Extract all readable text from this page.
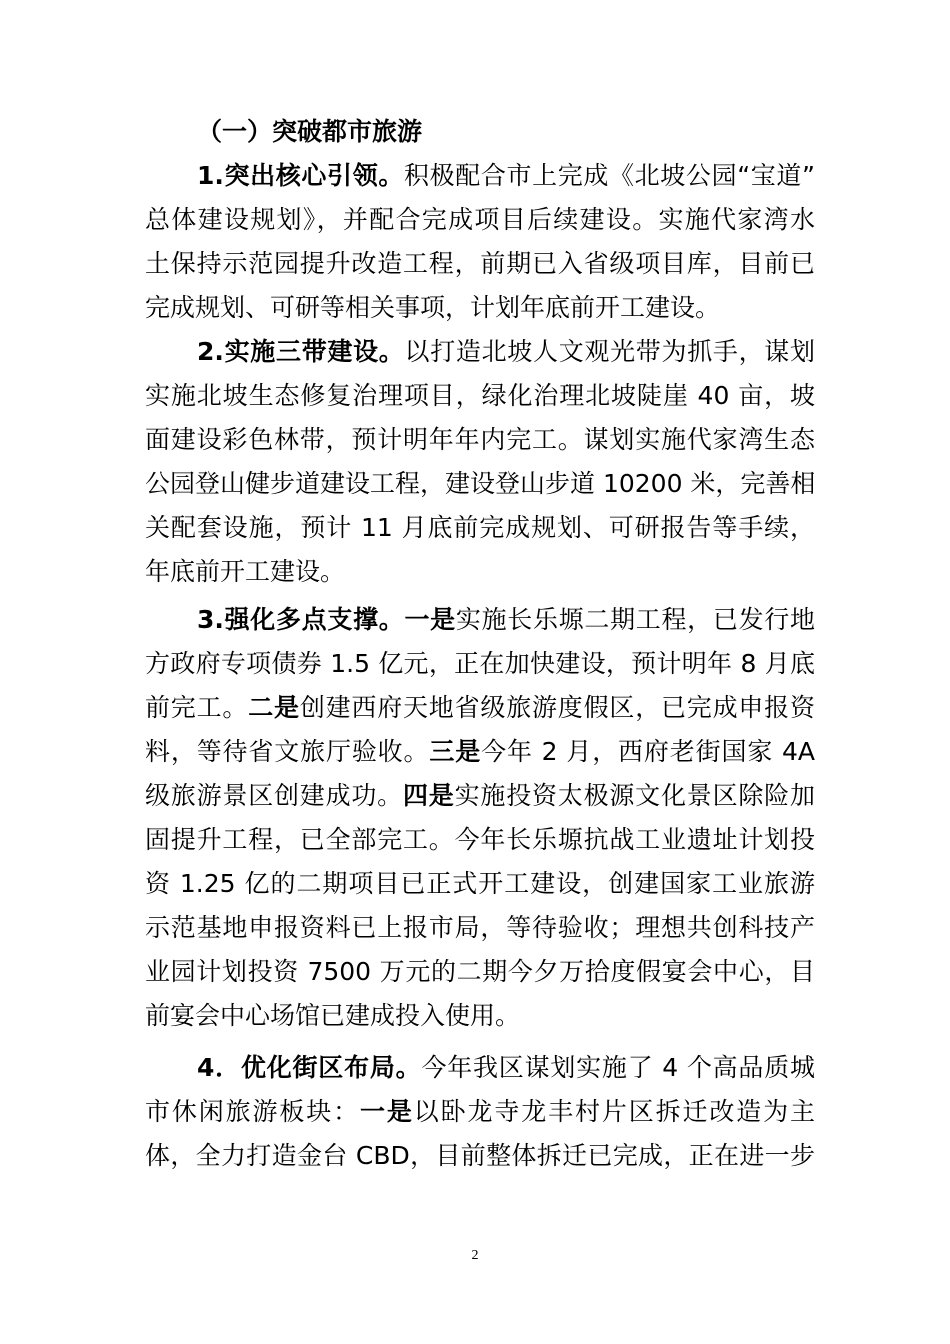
（一）突破都市旅游
1.突出核心引领。积极配合市上完成《北坡公园“宝道”
总体建设规划》，并配合完成项目后续建设。实施代家湾水
土保持示范园提升改造工程，前期已入省级项目库，目前已
完成规划、可研等相关事项，计划年底前开工建设。
2.实施三带建设。以打造北坡人文观光带为抓手，谋划
实施北坡生态修复治理项目，绿化治理北坡陡崖 40 亩，坡
面建设彩色林带，预计明年年内完工。谋划实施代家湾生态
公园登山健步道建设工程，建设登山步道 10200 米，完善相
关配套设施，预计 11 月底前完成规划、可研报告等手续，
年底前开工建设。
3.强化多点支撑。一是实施长乐塬二期工程，已发行地
方政府专项债券 1.5 亿元，正在加快建设，预计明年 8 月底
前完工。二是创建西府天地省级旅游度假区，已完成申报资
料，等待省文旅厅验收。三是今年 2 月，西府老街国家 4A
级旅游景区创建成功。四是实施投资太极源文化景区除险加
固提升工程，已全部完工。今年长乐塬抗战工业遗址计划投
资 1.25 亿的二期项目已正式开工建设，创建国家工业旅游
示范基地申报资料已上报市局，等待验收；理想共创科技产
业园计划投资 7500 万元的二期今夕万拾度假宴会中心，目
前宴会中心场馆已建成投入使用。
4．优化街区布局。今年我区谋划实施了 4 个高品质城
市休闲旅游板块：一是以卧龙寺龙丰村片区拆迁改造为主
体，全力打造金台 CBD，目前整体拆迁已完成，正在进一步
2
